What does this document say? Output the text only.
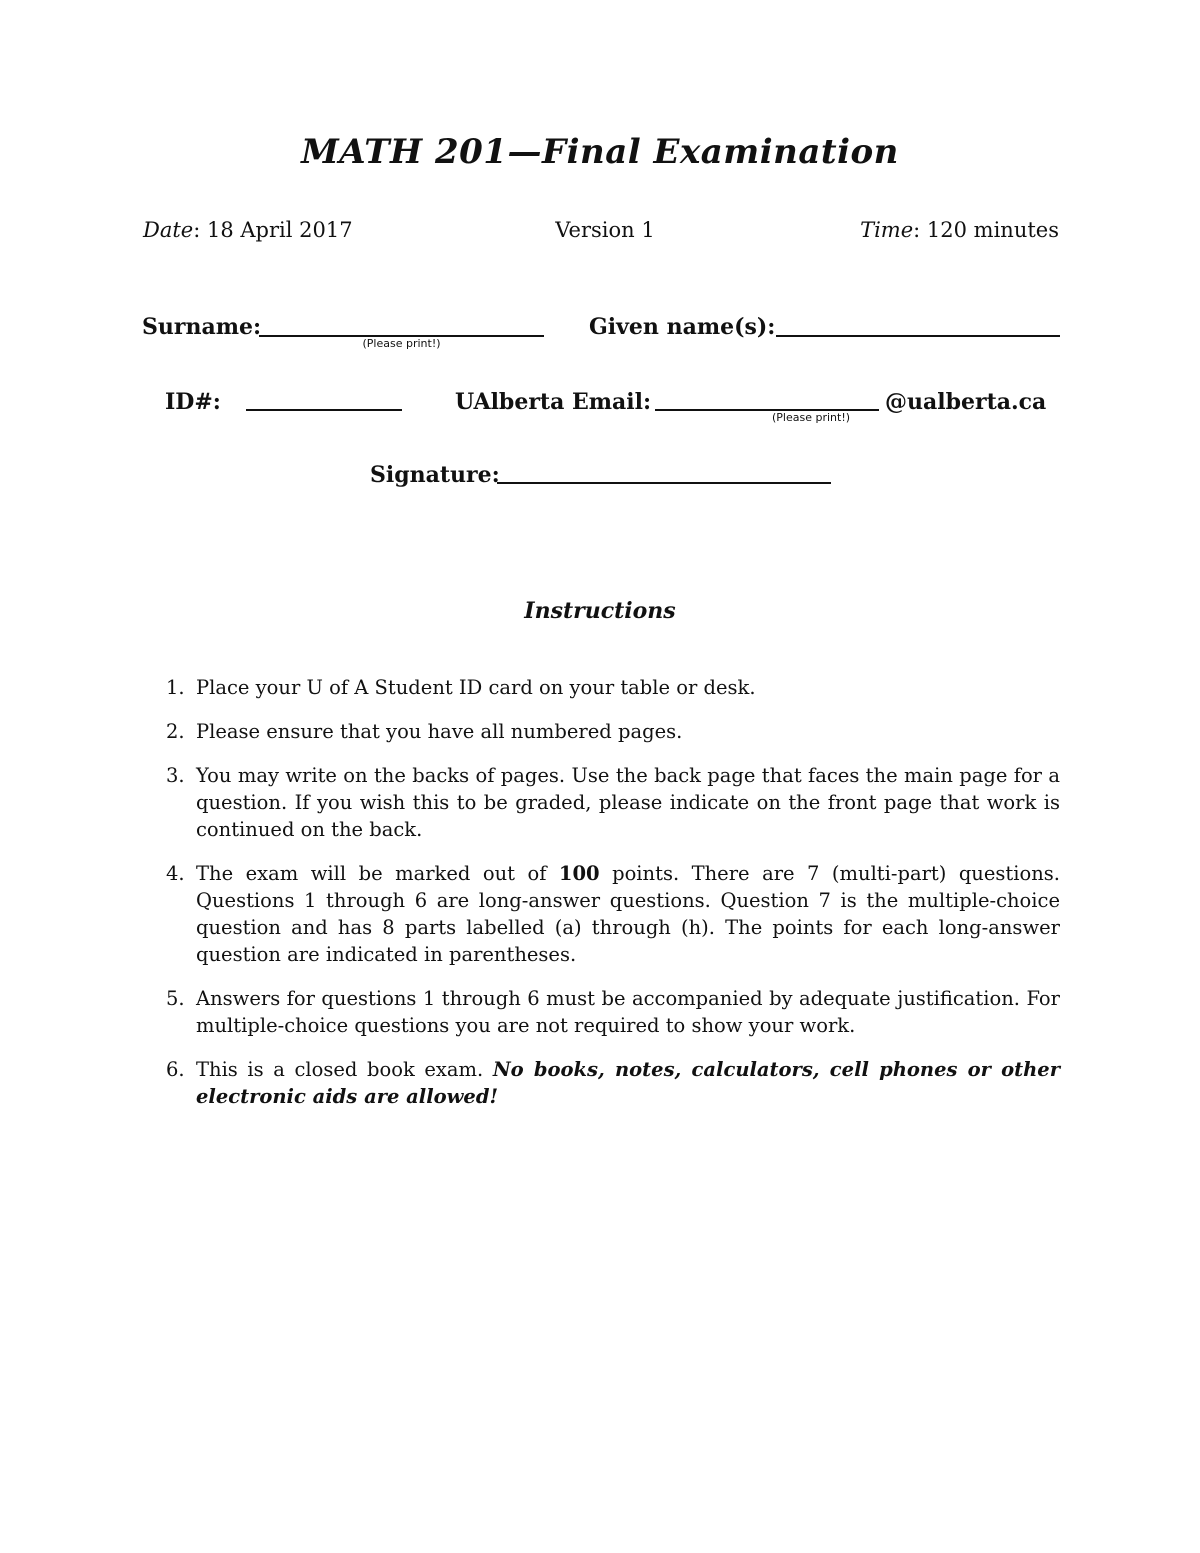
MATH 201—Final Examination
Date: 18 April 2017	Version 1	Time: 120 minutes
Surname:
(Please print!)
Given name(s):
ID#:	UAlberta Email:
(Please print!)
@ualberta.ca
Signature:
Instructions
1. Place your U of A Student ID card on your table or desk.
2. Please ensure that you have all numbered pages.
3. You may write on the backs of pages. Use the back page that faces the main page for a question. If you wish this to be graded, please indicate on the front page that work is continued on the back.
4. The exam will be marked out of 100 points. There are 7 (multi-part) questions. Questions 1 through 6 are long-answer questions. Question 7 is the multiple-choice question and has 8 parts labelled (a) through (h). The points for each long-answer question are indicated in parentheses.
5. Answers for questions 1 through 6 must be accompanied by adequate justification. For multiple-choice questions you are not required to show your work.
6. This is a closed book exam. No books, notes, calculators, cell phones or other electronic aids are allowed!
